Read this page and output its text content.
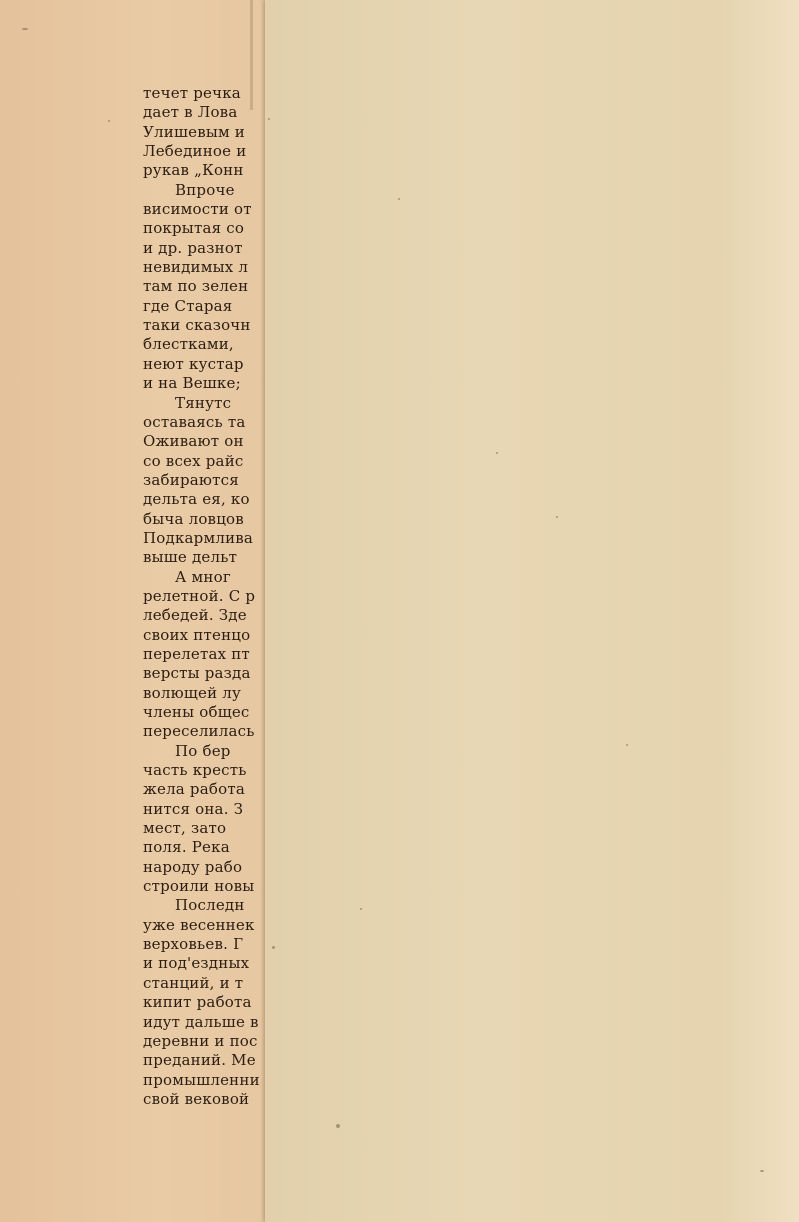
течет речка
дает в Лова
Улишевым и
Лебединое и
рукав „Конн
Впроче
висимости от
покрытая со
и др. разнот
невидимых л
там по зелен
где Старая
таки сказочн
блестками,
неют кустар
и на Вешке;
Тянутс
оставаясь та
Оживают он
со всех райс
забираются
дельта ея, ко
быча ловцов
Подкармлива
выше дельт
А мног
релетной. С р
лебедей. Зде
своих птенцо
перелетах пт
версты разда
волющей лу
члены общес
переселилась
По бер
часть кресть
жела работа
нится она. З
мест, зато
поля. Река
народу рабо
строили новы
Последн
уже весеннек
верховьев. Г
и под'ездных
станций, и т
кипит работа
идут дальше в
деревни и пос
преданий. Ме
промышленни
свой вековой
